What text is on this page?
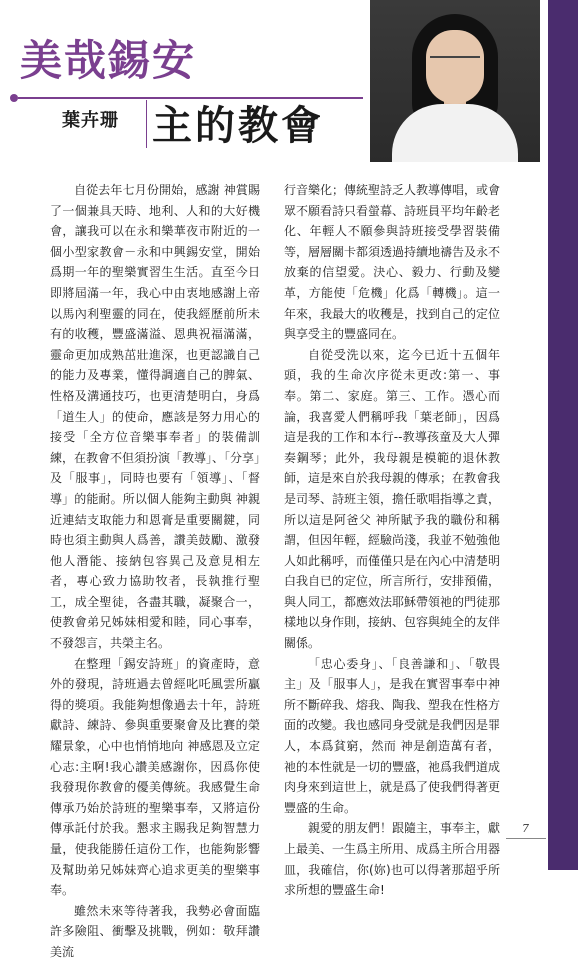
美哉錫安
葉卉珊 主的教會

自從去年七月份開始，感謝 神賞賜了一個兼具天時、地利、人和的大好機會，讓我可以在永和樂華夜市附近的一個小型家教會－永和中興錫安堂，開始爲期一年的聖樂實習生生活。直至今日即將屆滿一年，我心中由衷地感謝上帝以馬內利聖靈的同在，使我經歷前所未有的收穫，豐盛滿溢、恩典祝福滿滿，靈命更加成熟茁壯進深，也更認識自己的能力及專業，懂得調適自己的脾氣、性格及溝通技巧，也更清楚明白，身爲「道生人」的使命，應該是努力用心的接受「全方位音樂事奉者」的裝備訓練，在教會不但須扮演「教導」、「分享」及「服事」，同時也要有「領導」、「督導」的能耐。所以個人能夠主動與 神親近連結支取能力和恩膏是重要關鍵，同時也須主動與人爲善，讚美鼓勵、激發他人潛能、接納包容異己及意見相左者，專心致力協助牧者，長執推行聖工，成全聖徒，各盡其職，凝聚合一，使教會弟兄姊妹相愛和睦，同心事奉，不發怨言，共榮主名。

在整理「錫安詩班」的資產時，意外的發現，詩班過去曾經叱吒風雲所贏得的獎項。我能夠想像過去十年，詩班獻詩、練詩、參與重要聚會及比賽的榮耀景象，心中也悄悄地向 神感恩及立定心志:主啊!我心讚美感謝你，因爲你使我發現你教會的優美傳統。我感覺生命傳承乃始於詩班的聖樂事奉，又將這份傳承託付於我。懇求主賜我足夠智慧力量，使我能勝任這份工作，也能夠影響及幫助弟兄姊妹齊心追求更美的聖樂事奉。

雖然未來等待著我，我勢必會面臨許多險阻、衝擊及挑戰，例如：敬拜讚美流

行音樂化；傳統聖詩乏人教導傳唱，或會眾不願看詩只看螢幕、詩班員平均年齡老化、年輕人不願參與詩班接受學習裝備等，層層關卡都須透過持續地禱告及永不放棄的信望愛。決心、毅力、行動及變革，方能使「危機」化爲「轉機」。這一年來，我最大的收穫是，找到自己的定位與享受主的豐盛同在。

自從受洗以來，迄今已近十五個年頭，我的生命次序從未更改:第一、事奉。第二、家庭。第三、工作。憑心而論，我喜愛人們稱呼我「葉老師」，因爲這是我的工作和本行--教導孩童及大人彈奏鋼琴；此外，我母親是模範的退休教師，這是來自於我母親的傳承；在教會我是司琴、詩班主領，擔任歌唱指導之責，所以這是阿爸父 神所賦予我的職份和稱謂，但因年輕，經驗尚淺，我並不勉強他人如此稱呼，而僅僅只是在內心中清楚明白我自已的定位，所言所行，安排預備，與人同工，都應效法耶穌帶領祂的門徒那樣地以身作則，接納、包容與純全的友伴關係。

「忠心委身」、「良善謙和」、「敬畏主」及「服事人」，是我在實習事奉中神所不斷碎我、熔我、陶我、塑我在性格方面的改變。我也感同身受就是我們因是罪人，本爲貧窮，然而 神是創造萬有者，祂的本性就是一切的豐盛，祂爲我們道成肉身來到這世上，就是爲了使我們得著更豐盛的生命。

親愛的朋友們！跟隨主，事奉主，獻上最美、一生爲主所用、成爲主所合用器皿，我確信，你(妳)也可以得著那超乎所求所想的豐盛生命!

7
